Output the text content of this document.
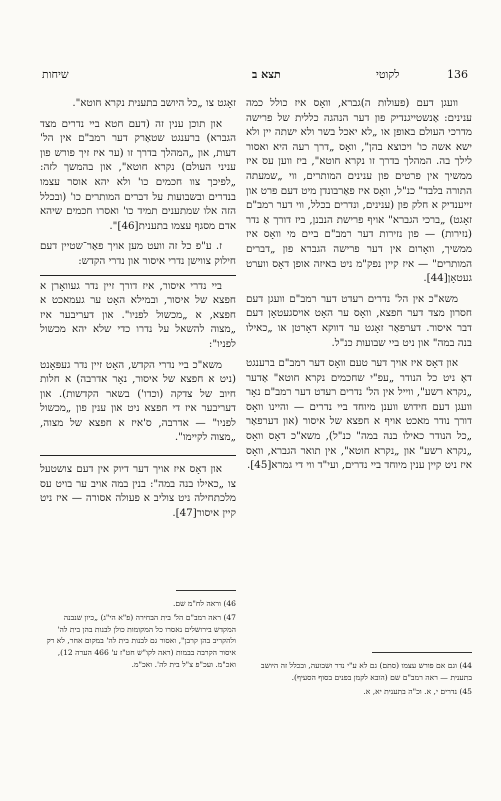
שיחות	תצא ב	לקוטי	136

וועגן דעם (פעולות ה)גברא, וואָס איז כולל כמה ענינים: אַנשטייגנדיק פון דער הנהגה כללית של פרישה מדרכי העולם באופן או „לא יאכל בשר ולא ישתה יין ולא ישא אשה כו' ויכוצא בהן", וואָס „דרך רעה היא ואסור לילך בה. המהלך בדרך זו נקרא חוטא", ביז ווען עס איז ממשיך אין פרטים פון ענינים המותרים, ווי „שמעתה התורה בלבד" כנ"ל, וואָס איז פאַרבונדן מיט דעם פרט און זייענדיק א חלק פון (ענינים, ונדרים בכלל, ווי דער רמב"ם זאָגט) „ברכי הגברא" אויף פרישת הנבנן, ביז דורך אַ נדר (נזירות) — פון נזירות דער רמב"ם ביים מי וואָס איז ממשיך, וואָרום אין דער פרישה הגברא פון „דברים המותרים" — איז קיין נפק"מ ניט באיזה אופן דאָס ווערט געטאָן[44].

משא"כ אין הל' נדרים רעדט דער רמב"ם וועגן דעם חסרון מצד דער חפצא, וואָס ער האָט אויסגעטאָן דעם דבר איסור. דערפאַר זאָגט ער דווקא דאָרטן או „כאילו בנה במה" און ניט ביי שבועות כנ"ל.

און דאָס איז אויך דער טעם וואָס דער רמב"ם ברענגט דאָ ניט כל הנודר „עפ"י שחכמים נקרא חוטא" אַדער „נקרא רשע", ווייל אין הל' נדרים רעדט דער רמב"ם נאָר וועגן דעם חידוש ווענן מיוחד ביי נדרים — והיינו וואָס דורך נודר מאכט אויף א חפצא של איסור (און דערפאַר „כל הנודר כאילו בנה במה" כנ"ל), משא"כ דאָס וואָס „נקרא רשע" און „נקרא חוטא", אין תואר הגברא, וואָס איז ניט קיין ענין מיוחד ביי נדרים, ועי"ד ווי די גמרא[45].

זאָגט צו „כל היושב בתענית נקרא חוטא".

און תוכן ענין זה (דעם חטא ביי נדרים מצד הגברא) ברענגט שטאַרק דער רמב"ם אין הל' דעות, און „המהלך בדרך זו (ער איז זיך פורש פון עניני העולם) נקרא חוטא", און בהמשך לזה: „לפיכך צוו חכמים כו' ולא יהא אוסר עצמו בנדרים ובשבועות על דברים המותרים כו' (ובכלל הזה אלו שמתענים תמיד כו' ואסרו חכמים שיהא אדם מסגף עצמו בתענית[46]".

ז. ע"פ כל זה וועט מען אויך פאַר־שטיין דעם חילוק צווישן נדרי איסור און נדרי הקדש:

ביי נדרי איסור, איז דורך זיין נדר געוואָרן א חפצא של איסור, ובמילא האָט ער געמאכט א חפצא, א „מכשול לפניו". און דעריבער איז „מצוה להשאל על נדרו כדי שלא יהא מכשול לפניו":

משא"כ ביי נדרי הקדש, האָט זיין נדר געפּאָנט (ניט א חפצא של איסור, נאָר אדרבה) א חלות חיוב של צדקה (וכדו') בשאר הקדשות). און דעריבער איז די חפצא ניט און ענין פון „מכשול לפניו" — אדרבה, ס'איז א חפצא של מצוה, „מצוה לקיימו".

און דאָס איז אויך דער דיוק אין דעם צושטעל צו „כאילו בנה במה": בנין במה אויב ער בויט עס מלכתחילה ניט צוליב א פעולה אסורה — איז ניט קיין איסור[47].

44) וגם אם פורש עצמו (סתם) גם לא ע"י נדר ושבועה, ובכלל זה היושב בתענית — ראה רמב"ם שם (הובא לקמן בפנים בסוף הסעיף).

45) נדרים י, א. וכ"ה בתענית יא, א.

46) וראה לח"מ שם.

47) ראה רמב"ם הל' בית הבחירה (פ"א הי"ג) „כיון שנבנה המקדש בירושלים נאסרו כל המקומות כולן לבנות בהן בית לה' ולהקריב בהן קרבן", ואסור גם לבנות בית לה' במקום אחר, לא רק איסור הקרבה בבמות (ראה לקו"ש חט"ז ע' 466 הערה 12), ואכ"מ. ועכ"פ צ"ל בית לה'. ואכ"מ.
